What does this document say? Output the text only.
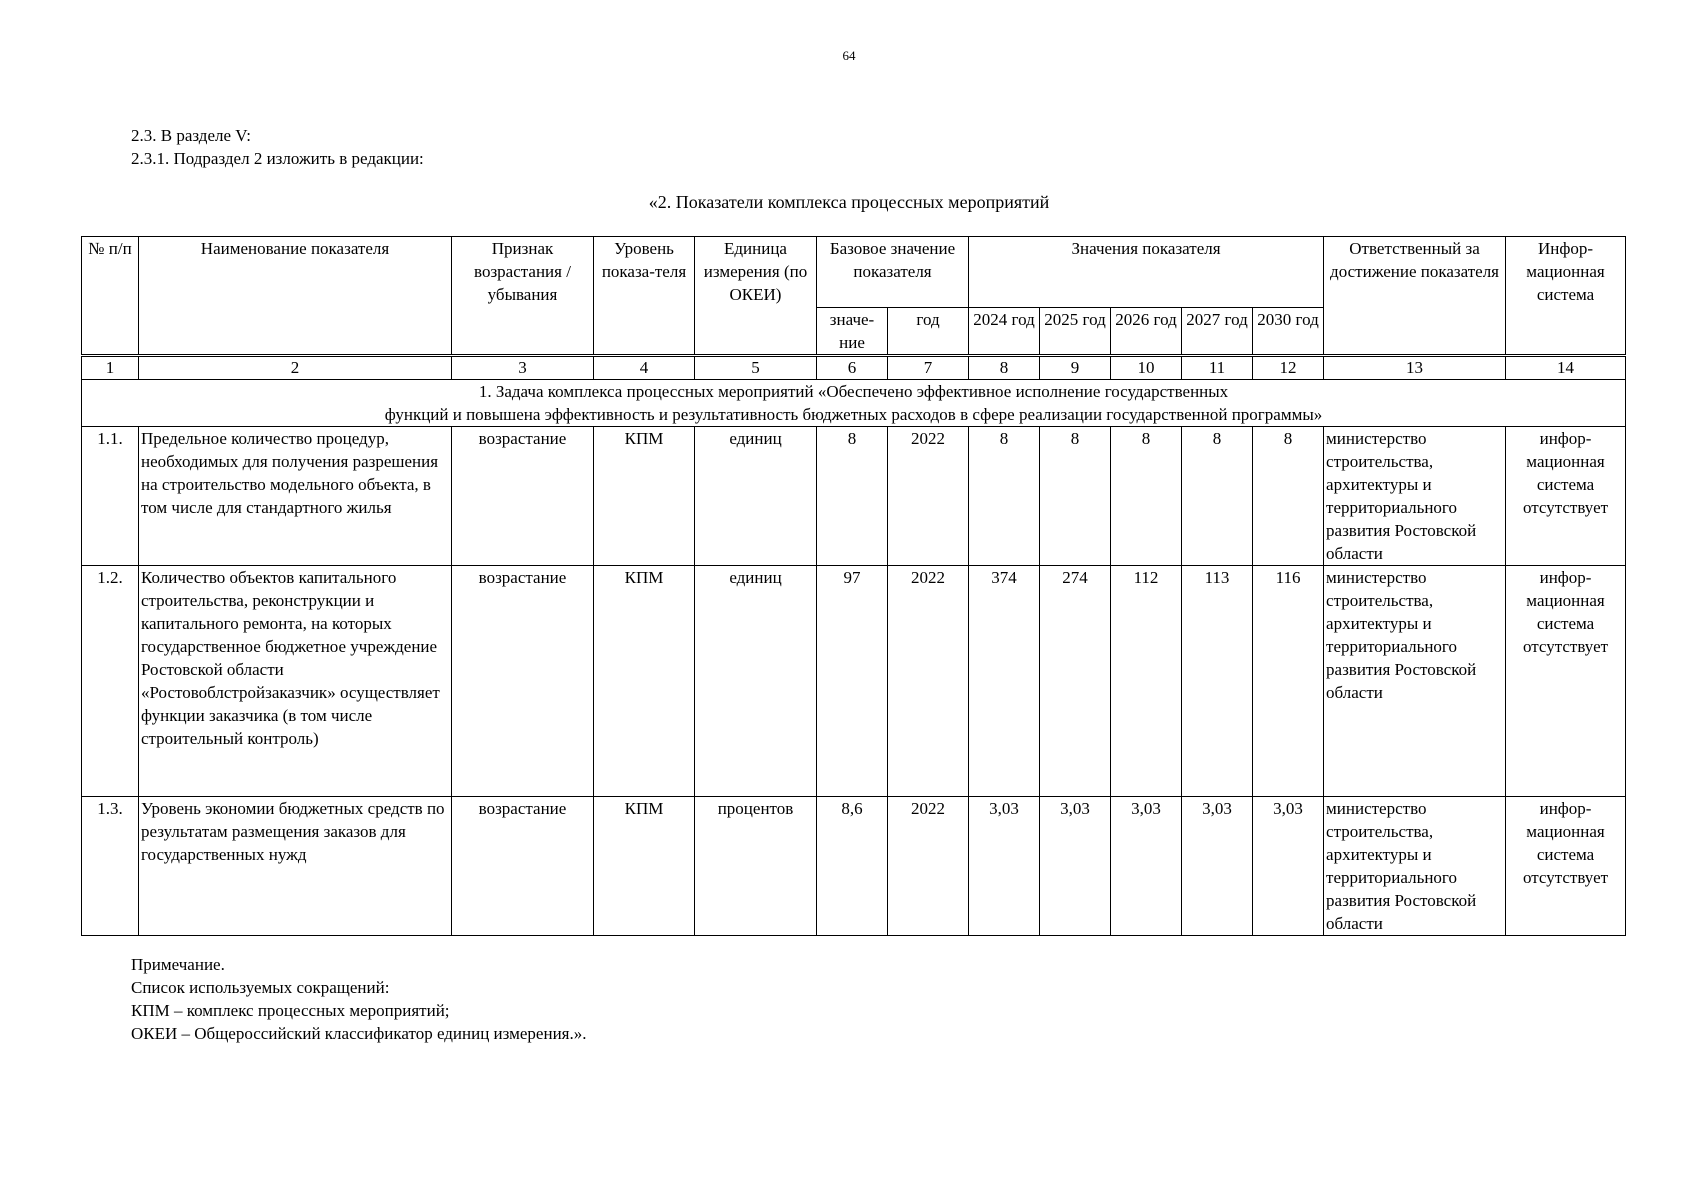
64
2.3. В разделе V:
2.3.1. Подраздел 2 изложить в редакции:
«2. Показатели комплекса процессных мероприятий
№ п/п	Наименование показателя	Признак возрастания / убывания	Уровень показа-теля	Единица измерения (по ОКЕИ)	Базовое значение показателя		Значения показателя					Ответственный за достижение показателя	Инфор-мационная система
					значе-ние	год	2024 год	2025 год	2026 год	2027 год	2030 год		
1	2	3	4	5	6	7	8	9	10	11	12	13	14

1. Задача комплекса процессных мероприятий «Обеспечено эффективное исполнение государственных
функций и повышена эффективность и результативность бюджетных расходов в сфере реализации государственной программы»													

1.1.	Предельное количество процедур, необходимых для получения разрешения на строительство модельного объекта, в том числе для стандартного жилья	возрастание	КПМ	единиц	8	2022	8	8	8	8	8	министерство строительства, архитектуры и территориального развития Ростовской области	инфор-мационная система отсутствует
1.2.	Количество объектов капитального строительства, реконструкции и капитального ремонта, на которых государственное бюджетное учреждение Ростовской области «Ростовоблстройзаказчик» осуществляет функции заказчика (в том числе строительный контроль)	возрастание	КПМ	единиц	97	2022	374	274	112	113	116	министерство строительства, архитектуры и территориального развития Ростовской области	инфор-мационная система отсутствует
1.3.	Уровень экономии бюджетных средств по результатам размещения заказов для государственных нужд	возрастание	КПМ	процентов	8,6	2022	3,03	3,03	3,03	3,03	3,03	министерство строительства, архитектуры и территориального развития Ростовской области	инфор-мационная система отсутствует
Примечание.
Список используемых сокращений:
КПМ – комплекс процессных мероприятий;
ОКЕИ – Общероссийский классификатор единиц измерения.».
